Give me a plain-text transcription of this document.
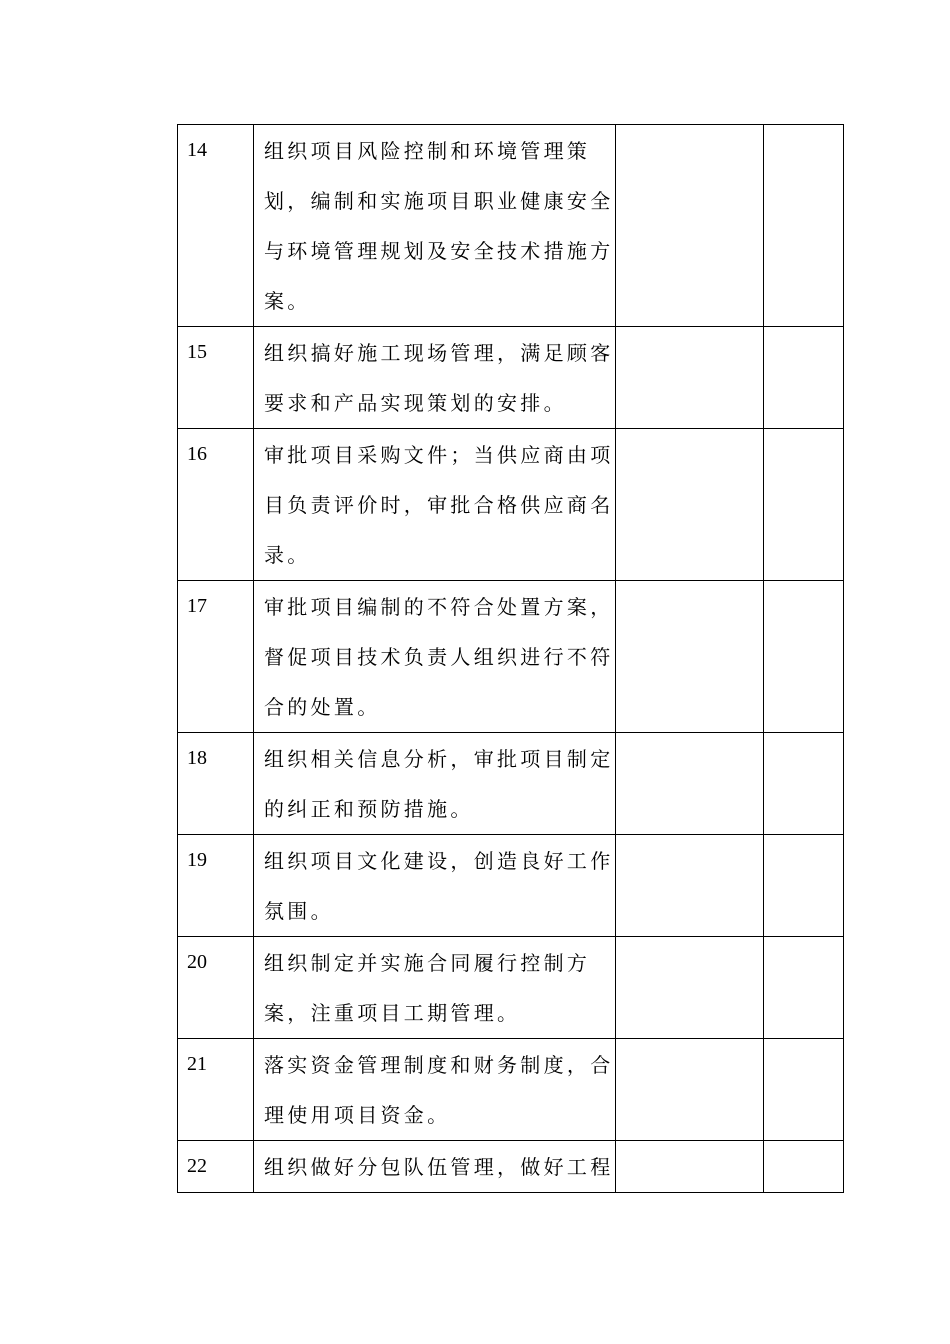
14	组织项目风险控制和环境管理策
划，编制和实施项目职业健康安全
与环境管理规划及安全技术措施方
案。		

15	组织搞好施工现场管理，满足顾客
要求和产品实现策划的安排。		

16	审批项目采购文件；当供应商由项
目负责评价时，审批合格供应商名
录。		

17	审批项目编制的不符合处置方案，
督促项目技术负责人组织进行不符
合的处置。		

18	组织相关信息分析，审批项目制定
的纠正和预防措施。		

19	组织项目文化建设，创造良好工作
氛围。		

20	组织制定并实施合同履行控制方
案，注重项目工期管理。		

21	落实资金管理制度和财务制度，合
理使用项目资金。		

22	组织做好分包队伍管理，做好工程		
